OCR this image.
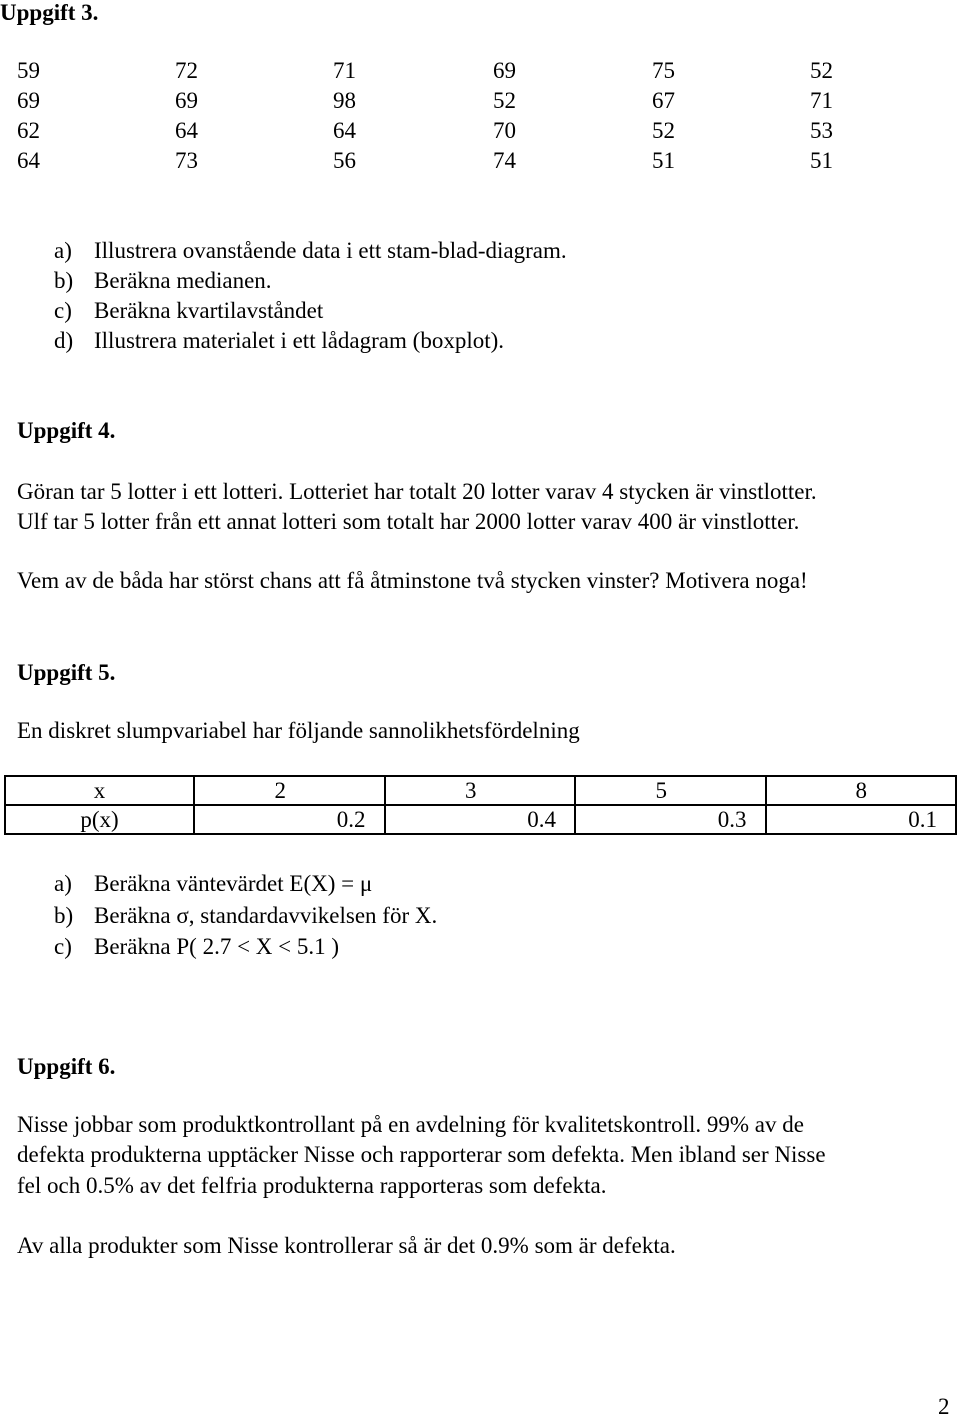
Uppgift 3.
59	72	71	69	75	52
69	69	98	52	67	71
62	64	64	70	52	53
64	73	56	74	51	51
a) Illustrera ovanstående data i ett stam-blad-diagram.
b) Beräkna medianen.
c) Beräkna kvartilavståndet
d) Illustrera materialet i ett lådagram (boxplot).
Uppgift 4.
Göran tar 5 lotter i ett lotteri. Lotteriet har totalt 20 lotter varav 4 stycken är vinstlotter.
Ulf tar 5 lotter från ett annat lotteri som totalt har 2000 lotter varav 400 är vinstlotter.
Vem av de båda har störst chans att få åtminstone två stycken vinster? Motivera noga!
Uppgift 5.
En diskret slumpvariabel har följande sannolikhetsfördelning
x	2	3	5	8
p(x)	0.2	0.4	0.3	0.1
a) Beräkna väntevärdet E(X) = μ
b) Beräkna σ, standardavvikelsen för X.
c) Beräkna P( 2.7 < X < 5.1 )
Uppgift 6.
Nisse jobbar som produktkontrollant på en avdelning för kvalitetskontroll. 99% av de
defekta produkterna upptäcker Nisse och rapporterar som defekta. Men ibland ser Nisse
fel och 0.5% av det felfria produkterna rapporteras som defekta.
Av alla produkter som Nisse kontrollerar så är det 0.9% som är defekta.
2
